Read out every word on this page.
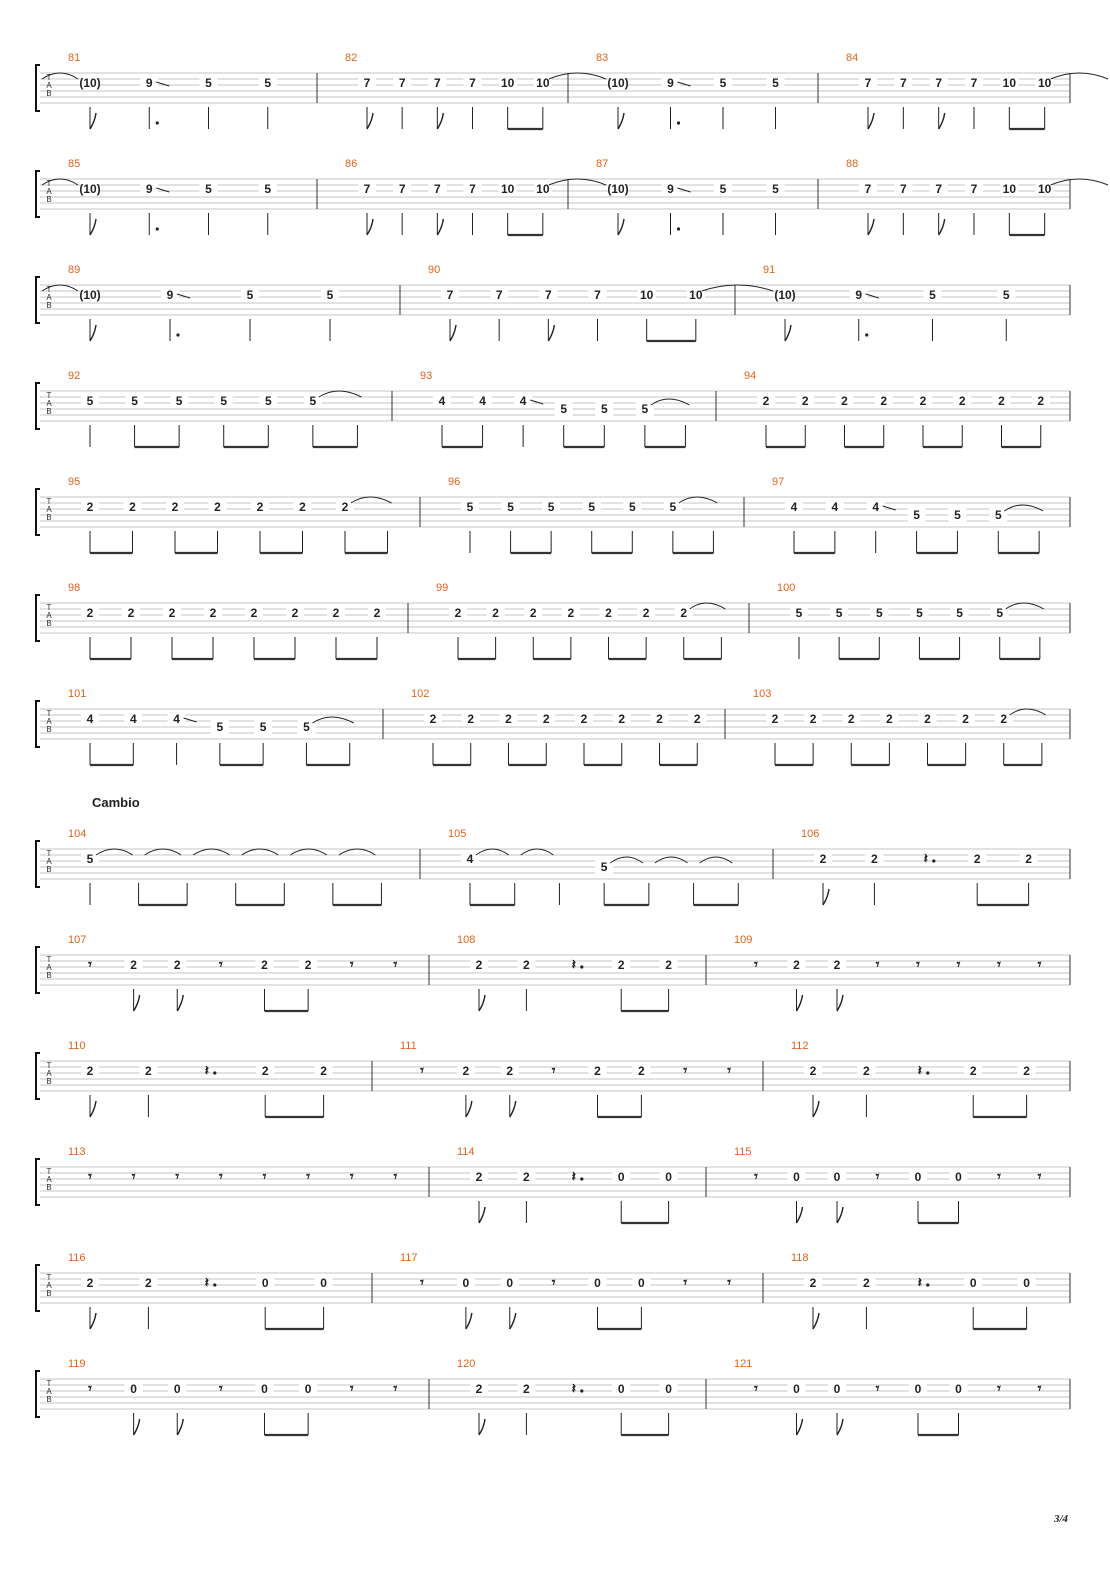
T
A
B
81
(10)	9	5	5
82
7 7 7 7 10 10
83
(10)	9	5	5
84
7 7 7 7 10 10
T
A
B
85
(10)	9	5	5
86
7 7 7 7 10 10
87
(10)	9	5	5
88
7 7 7 7 10 10
T
A
B
89
(10)	9	5	5
90
7	7	7	7	10	10
91
(10)	9	5	5
T
A
B
92
5	5	5	5	5	5
93
4	4	4
5	5	5
94
2	2	2	2	2	2	2	2
T
A
B
95
2	2	2	2	2	2	2
96
5	5	5	5	5	5
97
4	4	4
5	5	5
T
A
B
98
2	2	2	2	2	2	2	2
99
2	2	2	2	2	2	2
100
5	5	5	5	5	5
T
A
B
101
4	4	4
5	5	5
102
2	2	2	2	2	2	2	2
103
2	2	2	2	2	2	2
Cambio
T
A
B
104
5
105
4
5
106
2	2	𝄽	2	2
T
A
B
107
𝄾	2	2	𝄾	2	2	𝄾	𝄾
108
2	2	𝄽	2	2
109
𝄾	2	2	𝄾	𝄾	𝄾	𝄾	𝄾
T
A
B
110
2	2	𝄽	2	2
111
𝄾	2	2	𝄾	2	2	𝄾	𝄾
112
2	2	𝄽	2	2
T
A
B
113
𝄾	𝄾	𝄾	𝄾	𝄾	𝄾	𝄾	𝄾
114
2	2	𝄽	0	0
115
𝄾	0	0	𝄾	0	0	𝄾	𝄾
T
A
B
116
2	2	𝄽	0	0
117
𝄾	0	0	𝄾	0	0	𝄾	𝄾
118
2	2	𝄽	0	0
T
A
B
119
𝄾	0	0	𝄾	0	0	𝄾	𝄾
120
2	2	𝄽	0	0
121
𝄾	0	0	𝄾	0	0	𝄾	𝄾
3/4
